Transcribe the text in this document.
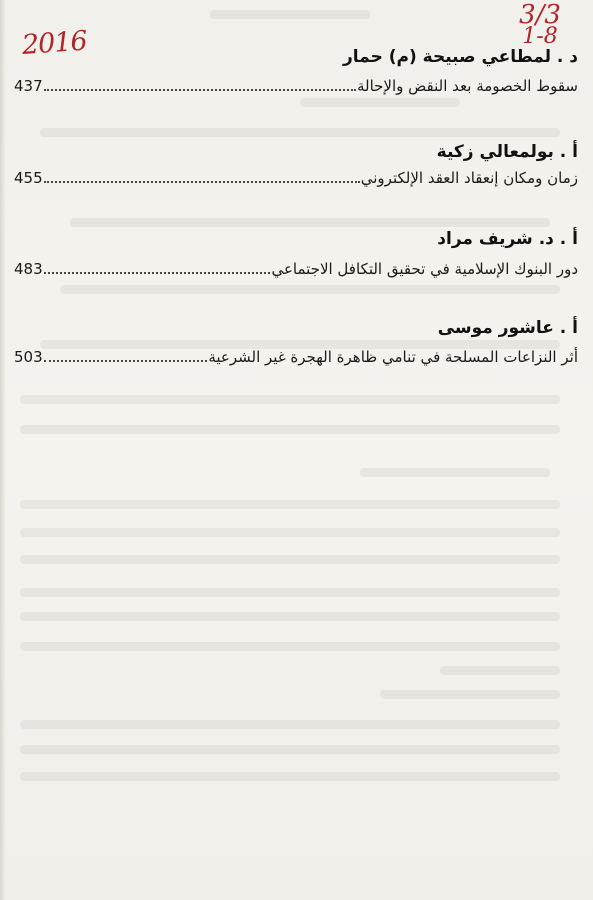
2016
3/3
1-8
د . لمطاعي صبيحة (م) حمار
سقوط الخصومة بعد النقض والإحالة
437
أ . بولمعالي زكية
زمان ومكان إنعقاد العقد الإلكتروني
455
أ . د. شريف مراد
دور البنوك الإسلامية في تحقيق التكافل الاجتماعي
483
أ . عاشور موسى
أثر النزاعات المسلحة في تنامي ظاهرة الهجرة غير الشرعية
503
